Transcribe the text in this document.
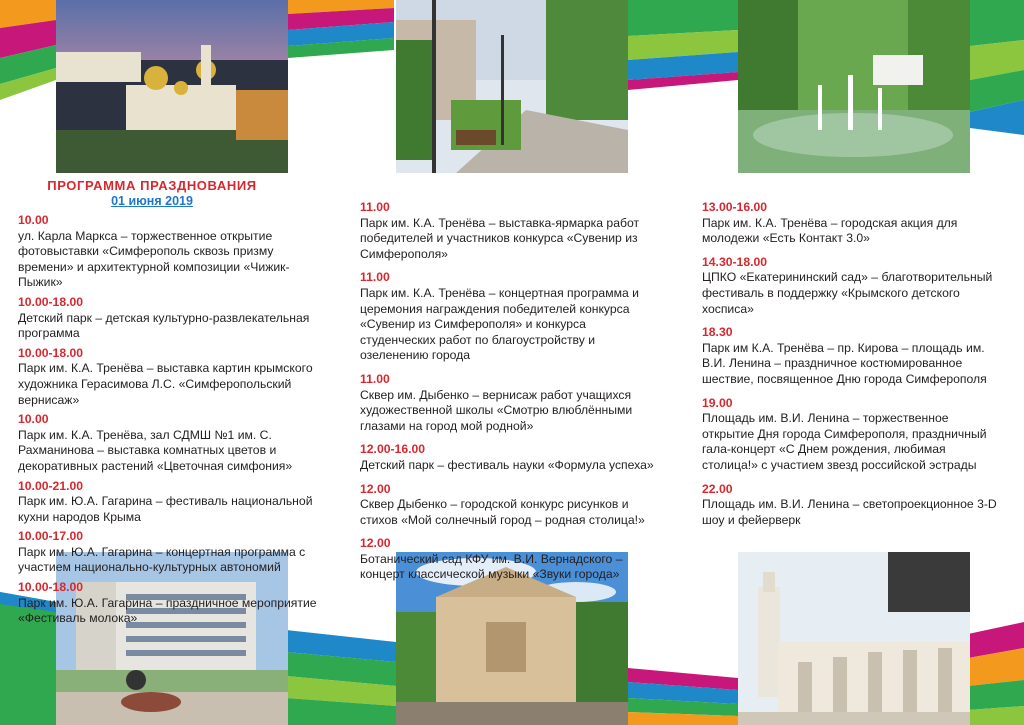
ПРОГРАММА ПРАЗДНОВАНИЯ
01 июня 2019
10.00
ул. Карла Маркса – торжественное открытие фотовыставки «Симферополь сквозь призму времени» и архитектурной композиции «Чижик-Пыжик»
10.00-18.00
Детский парк – детская культурно-развлекательная программа
10.00-18.00
Парк им. К.А. Тренёва – выставка картин крымского художника Герасимова Л.С. «Симферопольский вернисаж»
10.00
Парк им. К.А. Тренёва, зал СДМШ №1 им. С. Рахманинова – выставка комнатных цветов и декоративных растений «Цветочная симфония»
10.00-21.00
Парк им. Ю.А. Гагарина – фестиваль национальной кухни народов Крыма
10.00-17.00
Парк им. Ю.А. Гагарина – концертная программа с участием национально-культурных автономий
10.00-18.00
Парк им. Ю.А. Гагарина – праздничное мероприятие «Фестиваль молока»
11.00
Парк им. К.А. Тренёва – выставка-ярмарка работ победителей и участников конкурса «Сувенир из Симферополя»
11.00
Парк им. К.А. Тренёва – концертная программа и церемония награждения победителей конкурса «Сувенир из Симферополя» и конкурса студенческих работ по благоустройству и озеленению города
11.00
Сквер им. Дыбенко – вернисаж работ учащихся художественной школы «Смотрю влюблёнными глазами на город мой родной»
12.00-16.00
Детский парк – фестиваль науки «Формула успеха»
12.00
Сквер Дыбенко – городской конкурс рисунков и стихов «Мой солнечный город – родная столица!»
12.00
Ботанический сад КФУ им. В.И. Вернадского – концерт классической музыки «Звуки города»
13.00-16.00
Парк им. К.А. Тренёва – городская акция для молодежи «Есть Контакт 3.0»
14.30-18.00
ЦПКО «Екатерининский сад» – благотворительный фестиваль в поддержку «Крымского детского хосписа»
18.30
Парк им К.А. Тренёва – пр. Кирова – площадь им. В.И. Ленина – праздничное костюмированное шествие, посвященное Дню города Симферополя
19.00
Площадь им. В.И. Ленина – торжественное открытие Дня города Симферополя, праздничный гала-концерт «С Днем рождения, любимая столица!» с участием звезд российской эстрады
22.00
Площадь им. В.И. Ленина – светопроекционное 3-D шоу и фейерверк
